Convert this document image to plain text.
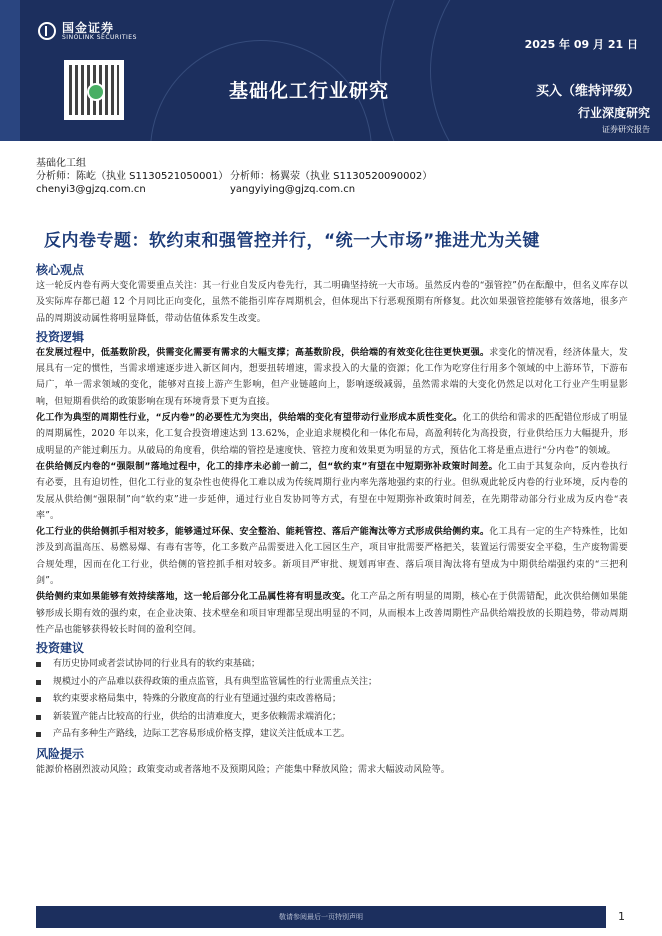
国金证券
SINOLINK SECURITIES
2025 年 09 月 21 日
基础化工行业研究	买入（维持评级）
行业深度研究
证券研究报告
基础化工组
分析师：陈屹（执业 S1130521050001） 分析师：杨翼荥（执业 S1130520090002）
chenyi3@gjzq.com.cn	yangyiying@gjzq.com.cn
反内卷专题：软约束和强管控并行，“统一大市场”推进尤为关键
核心观点

这一轮反内卷有两大变化需要重点关注：其一行业自发反内卷先行，其二明确坚持统一大市场。虽然反内卷的“强管控”仍在酝酿中，但名义库存以及实际库存都已超 12 个月同比正向变化，虽然不能指引库存周期机会，但体现出下行恶观预期有所修复。此次如果强管控能够有效落地，很多产品的周期波动属性将明显降低，带动估值体系发生改变。

投资逻辑

在发展过程中，低基数阶段，供需变化需要有需求的大幅支撑；高基数阶段，供给端的有效变化往往更快更强。求变化的情况看，经济体量大，发展具有一定的惯性，当需求增速逐步进入新区间内，想要扭转增速，需求投入的大量的资源；化工作为吃穿住行用多个领域的中上游环节，下游布局广，单一需求领域的变化，能够对直接上游产生影响，但产业链越向上，影响逐级减弱，虽然需求端的大变化仍然足以对化工行业产生明显影响，但短期看供给的政策影响在现有环境背景下更为直接。

化工作为典型的周期性行业，“反内卷”的必要性尤为突出，供给端的变化有望带动行业形成本质性变化。化工的供给和需求的匹配错位形成了明显的周期属性，2020 年以来，化工复合投资增速达到 13.62%，企业追求规模化和一体化布局，高盈利转化为高投资，行业供给压力大幅提升，形成明显的产能过剩压力。从破局的角度看，供给端的管控是速度快、管控力度和效果更为明显的方式，预估化工将是重点进行“分内卷”的领域。

在供给侧反内卷的“强限制”落地过程中，化工的排序未必前一前二，但“软约束”有望在中短期弥补政策时间差。化工由于其复杂向，反内卷执行有必要，且有迫切性，但化工行业的复杂性也使得化工难以成为传统周期行业内率先落地强约束的行业。但纵观此轮反内卷的行业环境，反内卷的发展从供给侧“强限制”向“软约束”进一步延伸，通过行业自发协同等方式，有望在中短期弥补政策时间差，在先期带动部分行业成为反内卷“表率”。

化工行业的供给侧抓手相对较多，能够通过环保、安全整治、能耗管控、落后产能淘汰等方式形成供给侧约束。化工具有一定的生产特殊性，比如涉及到高温高压、易燃易爆、有毒有害等，化工多数产品需要进入化工园区生产，项目审批需要严格把关，装置运行需要安全平稳，生产废物需要合规处理，因而在化工行业，供给侧的管控抓手相对较多。新项目严审批、规划再审查、落后项目淘汰将有望成为中期供给端强约束的“三把利剑”。

供给侧约束如果能够有效持续落地，这一轮后部分化工品属性将有明显改变。化工产品之所有明显的周期，核心在于供需错配，此次供给侧如果能够形成长期有效的强约束，在企业决策、技术壁垒和项目审理都呈现出明显的不同，从而根本上改善周期性产品供给端投放的长期趋势，带动周期性产品也能够获得较长时间的盈利空间。

投资建议
有历史协同或者尝试协同的行业具有的软约束基础；
规模过小的产品难以获得政策的重点监管，具有典型监管属性的行业需重点关注；
软约束要求格局集中，特殊的分散度高的行业有望通过强约束改善格局；
新装置产能占比较高的行业，供给的出清难度大，更多依赖需求端消化；
产品有多种生产路线，边际工艺容易形成价格支撑，建议关注低成本工艺。
风险提示

能源价格剧烈波动风险；政策变动或者落地不及预期风险；产能集中释放风险；需求大幅波动风险等。

敬请参阅最后一页特别声明	1
